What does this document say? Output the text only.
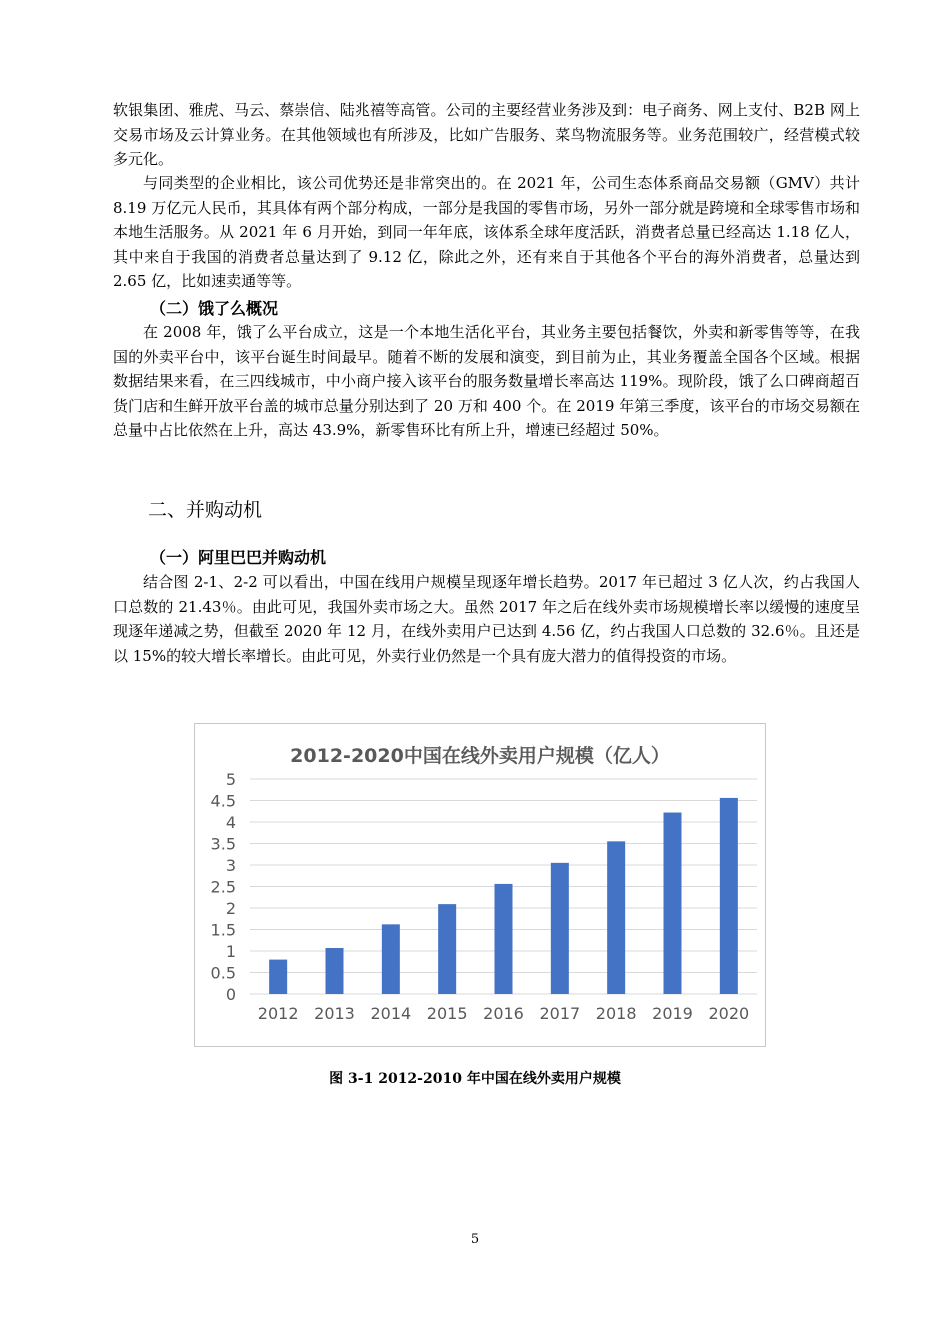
软银集团、雅虎、马云、蔡崇信、陆兆禧等高管。公司的主要经营业务涉及到：电子商务、网上支付、B2B 网上交易市场及云计算业务。在其他领域也有所涉及，比如广告服务、菜鸟物流服务等。业务范围较广，经营模式较多元化。

与同类型的企业相比，该公司优势还是非常突出的。在 2021 年，公司生态体系商品交易额（GMV）共计 8.19 万亿元人民币，其具体有两个部分构成，一部分是我国的零售市场，另外一部分就是跨境和全球零售市场和本地生活服务。从 2021 年 6 月开始，到同一年年底，该体系全球年度活跃，消费者总量已经高达 1.18 亿人，其中来自于我国的消费者总量达到了 9.12 亿，除此之外，还有来自于其他各个平台的海外消费者，总量达到 2.65 亿，比如速卖通等等。

（二）饿了么概况

在 2008 年，饿了么平台成立，这是一个本地生活化平台，其业务主要包括餐饮，外卖和新零售等等，在我国的外卖平台中，该平台诞生时间最早。随着不断的发展和演变，到目前为止，其业务覆盖全国各个区域。根据数据结果来看，在三四线城市，中小商户接入该平台的服务数量增长率高达 119%。现阶段，饿了么口碑商超百货门店和生鲜开放平台盖的城市总量分别达到了 20 万和 400 个。在 2019 年第三季度，该平台的市场交易额在总量中占比依然在上升，高达 43.9%，新零售环比有所上升，增速已经超过 50%。

二、并购动机

（一）阿里巴巴并购动机

结合图 2-1、2-2 可以看出，中国在线用户规模呈现逐年增长趋势。2017 年已超过 3 亿人次，约占我国人口总数的 21.43％。由此可见，我国外卖市场之大。虽然 2017 年之后在线外卖市场规模增长率以缓慢的速度呈现逐年递减之势，但截至 2020 年 12 月，在线外卖用户已达到 4.56 亿，约占我国人口总数的 32.6％。且还是以 15%的较大增长率增长。由此可见，外卖行业仍然是一个具有庞大潜力的值得投资的市场。

2012-2020中国在线外卖用户规模（亿人）
0
0.5
1
1.5
2
2.5
3
3.5
4
4.5
5
2012 2013 2014 2015 2016 2017 2018 2019 2020

图 3-1 2012-2010 年中国在线外卖用户规模

5
